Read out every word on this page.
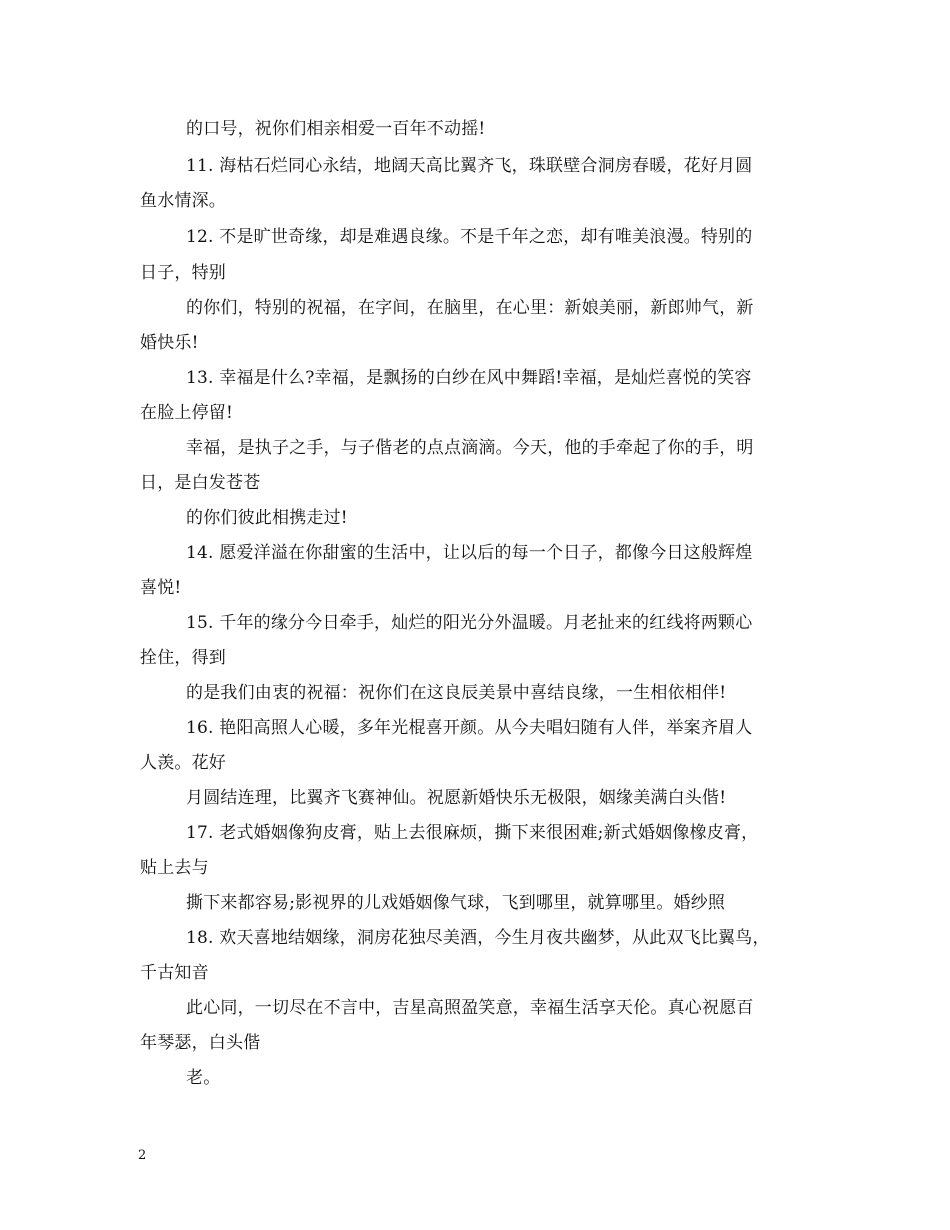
的口号，祝你们相亲相爱一百年不动摇!
11. 海枯石烂同心永结，地阔天高比翼齐飞，珠联壁合洞房春暖，花好月圆
鱼水情深。
12. 不是旷世奇缘，却是难遇良缘。不是千年之恋，却有唯美浪漫。特别的
日子，特别
的你们，特别的祝福，在字间，在脑里，在心里：新娘美丽，新郎帅气，新
婚快乐!
13. 幸福是什么?幸福，是飘扬的白纱在风中舞蹈!幸福，是灿烂喜悦的笑容
在脸上停留!
幸福，是执子之手，与子偕老的点点滴滴。今天，他的手牵起了你的手，明
日，是白发苍苍
的你们彼此相携走过!
14. 愿爱洋溢在你甜蜜的生活中，让以后的每一个日子，都像今日这般辉煌
喜悦!
15. 千年的缘分今日牵手，灿烂的阳光分外温暖。月老扯来的红线将两颗心
拴住，得到
的是我们由衷的祝福：祝你们在这良辰美景中喜结良缘，一生相依相伴!
16. 艳阳高照人心暖，多年光棍喜开颜。从今夫唱妇随有人伴，举案齐眉人
人羡。花好
月圆结连理，比翼齐飞赛神仙。祝愿新婚快乐无极限，姻缘美满白头偕!
17. 老式婚姻像狗皮膏，贴上去很麻烦，撕下来很困难;新式婚姻像橡皮膏，
贴上去与
撕下来都容易;影视界的儿戏婚姻像气球，飞到哪里，就算哪里。婚纱照
18. 欢天喜地结姻缘，洞房花独尽美酒，今生月夜共幽梦，从此双飞比翼鸟，
千古知音
此心同，一切尽在不言中，吉星高照盈笑意，幸福生活享天伦。真心祝愿百
年琴瑟，白头偕
老。
2
